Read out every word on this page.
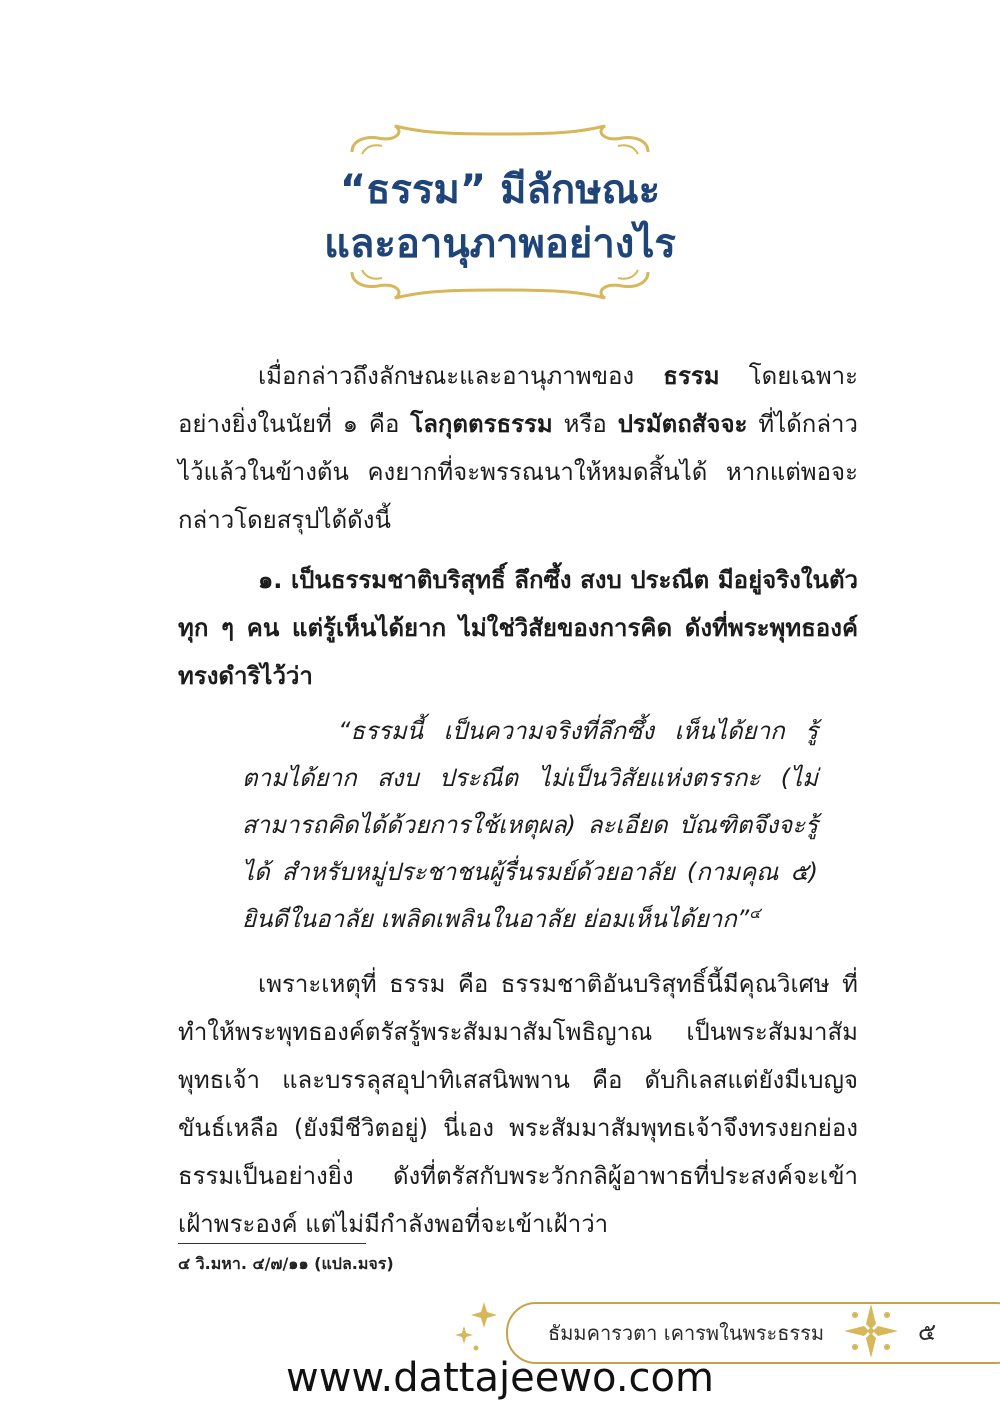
“ธรรม” มีลักษณะ
และอานุภาพอย่างไร

เมื่อกล่าวถึงลักษณะและอานุภาพของ ธรรม โดยเฉพาะอย่างยิ่งในนัยที่ ๑ คือ โลกุตตรธรรม หรือ ปรมัตถสัจจะ ที่ได้กล่าวไว้แล้วในข้างต้น คงยากที่จะพรรณนาให้หมดสิ้นได้ หากแต่พอจะกล่าวโดยสรุปได้ดังนี้

๑. เป็นธรรมชาติบริสุทธิ์ ลึกซึ้ง สงบ ประณีต มีอยู่จริงในตัวทุก ๆ คน แต่รู้เห็นได้ยาก ไม่ใช่วิสัยของการคิด ดังที่พระพุทธองค์ทรงดำริไว้ว่า

“ธรรมนี้ เป็นความจริงที่ลึกซึ้ง เห็นได้ยาก รู้ตามได้ยาก สงบ ประณีต ไม่เป็นวิสัยแห่งตรรกะ (ไม่สามารถคิดได้ด้วยการใช้เหตุผล) ละเอียด บัณฑิตจึงจะรู้ได้ สำหรับหมู่ประชาชนผู้รื่นรมย์ด้วยอาลัย (กามคุณ ๕) ยินดีในอาลัย เพลิดเพลินในอาลัย ย่อมเห็นได้ยาก”$^๔$

เพราะเหตุที่ ธรรม คือ ธรรมชาติอันบริสุทธิ์นี้มีคุณวิเศษ ที่ทำให้พระพุทธองค์ตรัสรู้พระสัมมาสัมโพธิญาณ เป็นพระสัมมาสัมพุทธเจ้า และบรรลุสอุปาทิเสสนิพพาน คือ ดับกิเลสแต่ยังมีเบญจขันธ์เหลือ (ยังมีชีวิตอยู่) นี่เอง พระสัมมาสัมพุทธเจ้าจึงทรงยกย่องธรรมเป็นอย่างยิ่ง ดังที่ตรัสกับพระวักกลิผู้อาพาธที่ประสงค์จะเข้าเฝ้าพระองค์ แต่ไม่มีกำลังพอที่จะเข้าเฝ้าว่า

๔ วิ.มหา. ๔/๗/๑๑ (แปล.มจร)
ธัมมคารวตา เคารพในพระธรรม	๕
www.dattajeewo.com
